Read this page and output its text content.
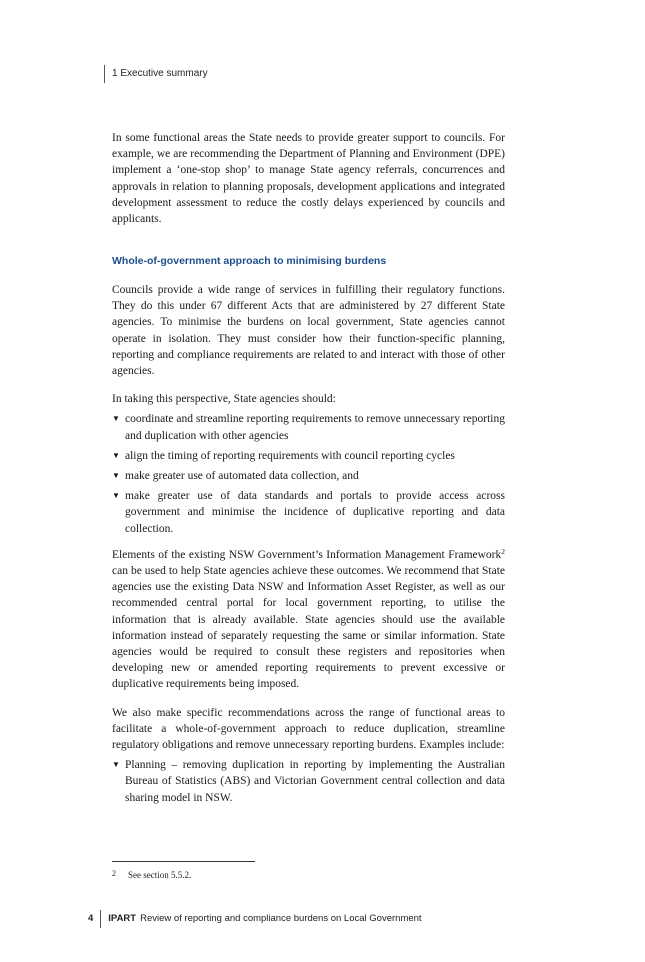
1 Executive summary

In some functional areas the State needs to provide greater support to councils. For example, we are recommending the Department of Planning and Environment (DPE) implement a ‘one-stop shop’ to manage State agency referrals, concurrences and approvals in relation to planning proposals, development applications and integrated development assessment to reduce the costly delays experienced by councils and applicants.

Whole-of-government approach to minimising burdens

Councils provide a wide range of services in fulfilling their regulatory functions. They do this under 67 different Acts that are administered by 27 different State agencies. To minimise the burdens on local government, State agencies cannot operate in isolation. They must consider how their function-specific planning, reporting and compliance requirements are related to and interact with those of other agencies.

In taking this perspective, State agencies should:

▼ coordinate and streamline reporting requirements to remove unnecessary reporting and duplication with other agencies
▼ align the timing of reporting requirements with council reporting cycles
▼ make greater use of automated data collection, and
▼ make greater use of data standards and portals to provide access across government and minimise the incidence of duplicative reporting and data collection.

Elements of the existing NSW Government’s Information Management Framework$^2$ can be used to help State agencies achieve these outcomes. We recommend that State agencies use the existing Data NSW and Information Asset Register, as well as our recommended central portal for local government reporting, to utilise the information that is already available. State agencies should use the available information instead of separately requesting the same or similar information. State agencies would be required to consult these registers and repositories when developing new or amended reporting requirements to prevent excessive or duplicative requirements being imposed.

We also make specific recommendations across the range of functional areas to facilitate a whole-of-government approach to reduce duplication, streamline regulatory obligations and remove unnecessary reporting burdens. Examples include:

▼ Planning – removing duplication in reporting by implementing the Australian Bureau of Statistics (ABS) and Victorian Government central collection and data sharing model in NSW.
2 See section 5.5.2.
4	IPART Review of reporting and compliance burdens on Local Government
